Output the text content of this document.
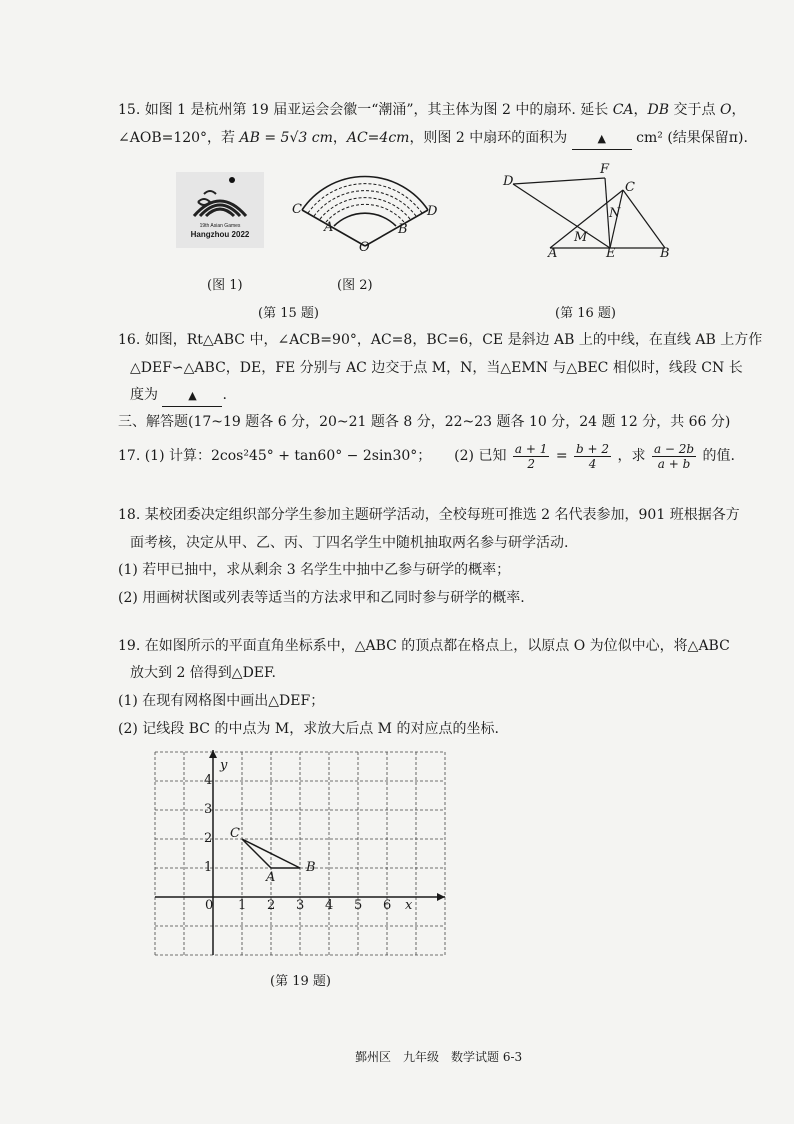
15. 如图 1 是杭州第 19 届亚运会会徽一“潮涌”，其主体为图 2 中的扇环. 延长 CA，DB 交于点 O，
∠AOB=120°，若 AB = 5√3 cm，AC=4cm，则图 2 中扇环的面积为	▲ cm² (结果保留π).
19th Asian Games
Hangzhou 2022
C
A	B
D
O
(图 1)	(图 2)
(第 15 题)
D
F
C
N
M
A	E	B
(第 16 题)
16. 如图，Rt△ABC 中，∠ACB=90°，AC=8，BC=6，CE 是斜边 AB 上的中线，在直线 AB 上方作
△DEF∽△ABC，DE，FE 分别与 AC 边交于点 M，N，当△EMN 与△BEC 相似时，线段 CN 长
度为	▲ .
三、解答题(17~19 题各 6 分，20~21 题各 8 分，22~23 题各 10 分，24 题 12 分，共 66 分)
17. (1) 计算：2cos²45° + tan60° − 2sin30°； (2) 已知 $\frac{a + 1}{2} = \frac{b + 2}{4}$ ，求 $\frac{a - 2b}{a + b}$ 的值.
18. 某校团委决定组织部分学生参加主题研学活动，全校每班可推选 2 名代表参加，901 班根据各方
面考核，决定从甲、乙、丙、丁四名学生中随机抽取两名参与研学活动.
(1) 若甲已抽中，求从剩余 3 名学生中抽中乙参与研学的概率；
(2) 用画树状图或列表等适当的方法求甲和乙同时参与研学的概率.
19. 在如图所示的平面直角坐标系中，△ABC 的顶点都在格点上，以原点 O 为位似中心，将△ABC
放大到 2 倍得到△DEF.
(1) 在现有网格图中画出△DEF；
(2) 记线段 BC 的中点为 M，求放大后点 M 的对应点的坐标.
y
x
0 1 2 3 4 5 6
1
2
3
4
C
A
B
(第 19 题)
鄞州区　九年级　数学试题 6-3
